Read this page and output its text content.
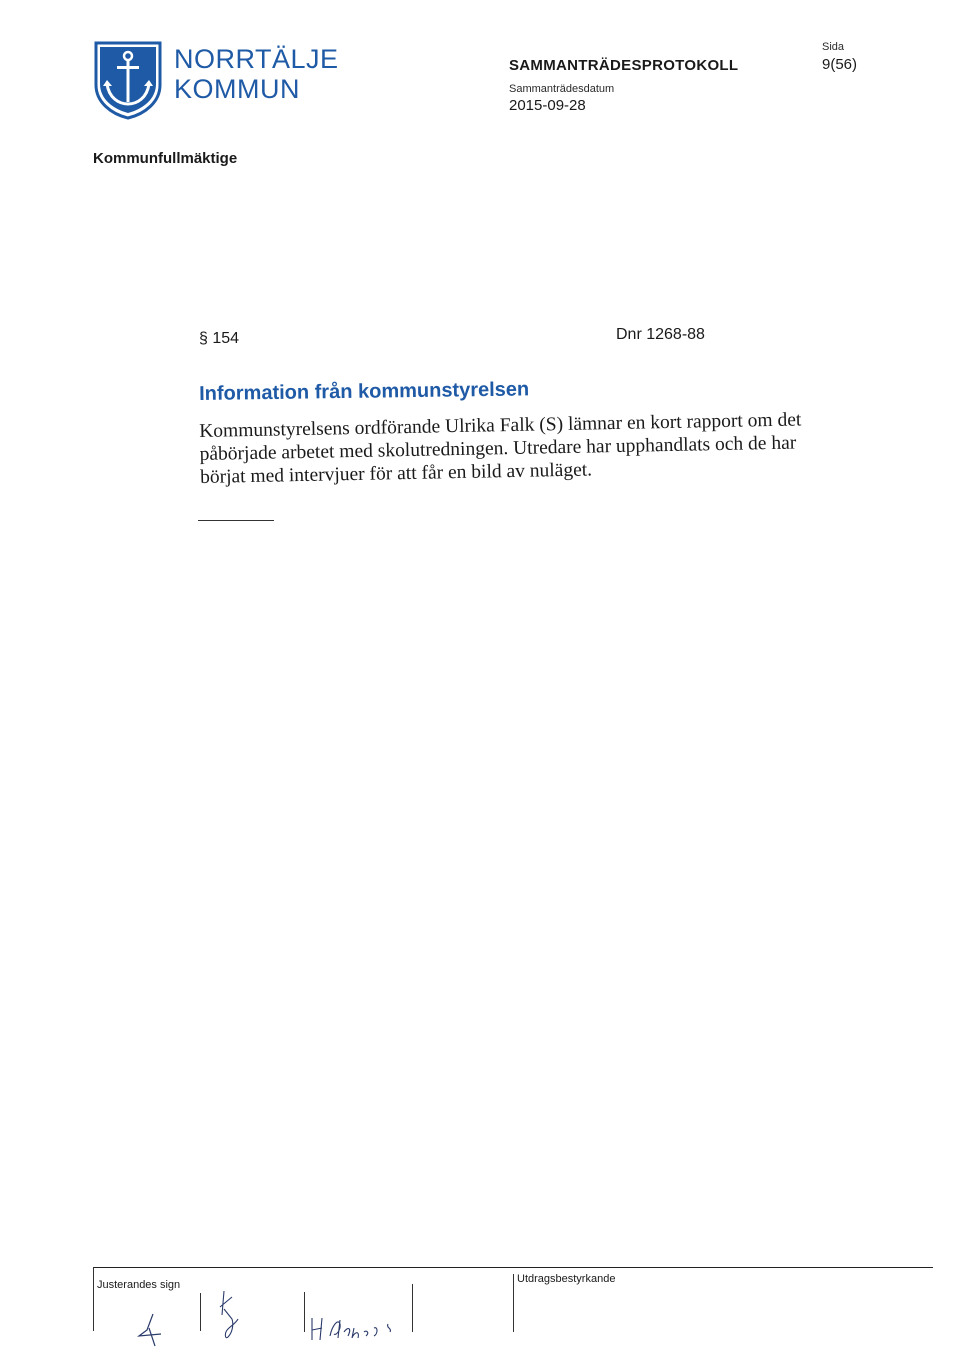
NORRTÄLJE
KOMMUN
SAMMANTRÄDESPROTOKOLL
Sammanträdesdatum
2015-09-28
Sida
9(56)
Kommunfullmäktige
§ 154	Dnr 1268-88
Information från kommunstyrelsen
Kommunstyrelsens ordförande Ulrika Falk (S) lämnar en kort rapport om det
påbörjade arbetet med skolutredningen. Utredare har upphandlats och de har
börjat med intervjuer för att får en bild av nuläget.
Justerandes sign	Utdragsbestyrkande
